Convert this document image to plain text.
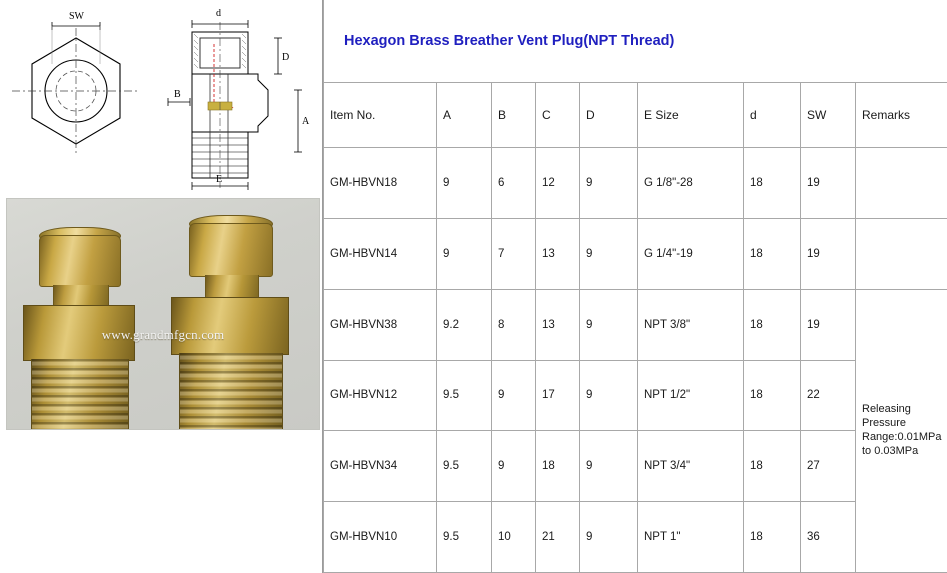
SW	d
D
A
B
E
www.grandmfgcn.com
Hexagon Brass Breather Vent Plug(NPT Thread)								
Item No.	A	B	C	D	E Size	d	SW	Remarks
GM-HBVN18	9	6	12	9	G 1/8"-28	18	19	
GM-HBVN14	9	7	13	9	G 1/4"-19	18	19	
GM-HBVN38	9.2	8	13	9	NPT 3/8"	18	19	Releasing Pressure Range:0.01MPa to 0.03MPa
GM-HBVN12	9.5	9	17	9	NPT 1/2"	18	22	
GM-HBVN34	9.5	9	18	9	NPT 3/4"	18	27	
GM-HBVN10	9.5	10	21	9	NPT 1"	18	36	
